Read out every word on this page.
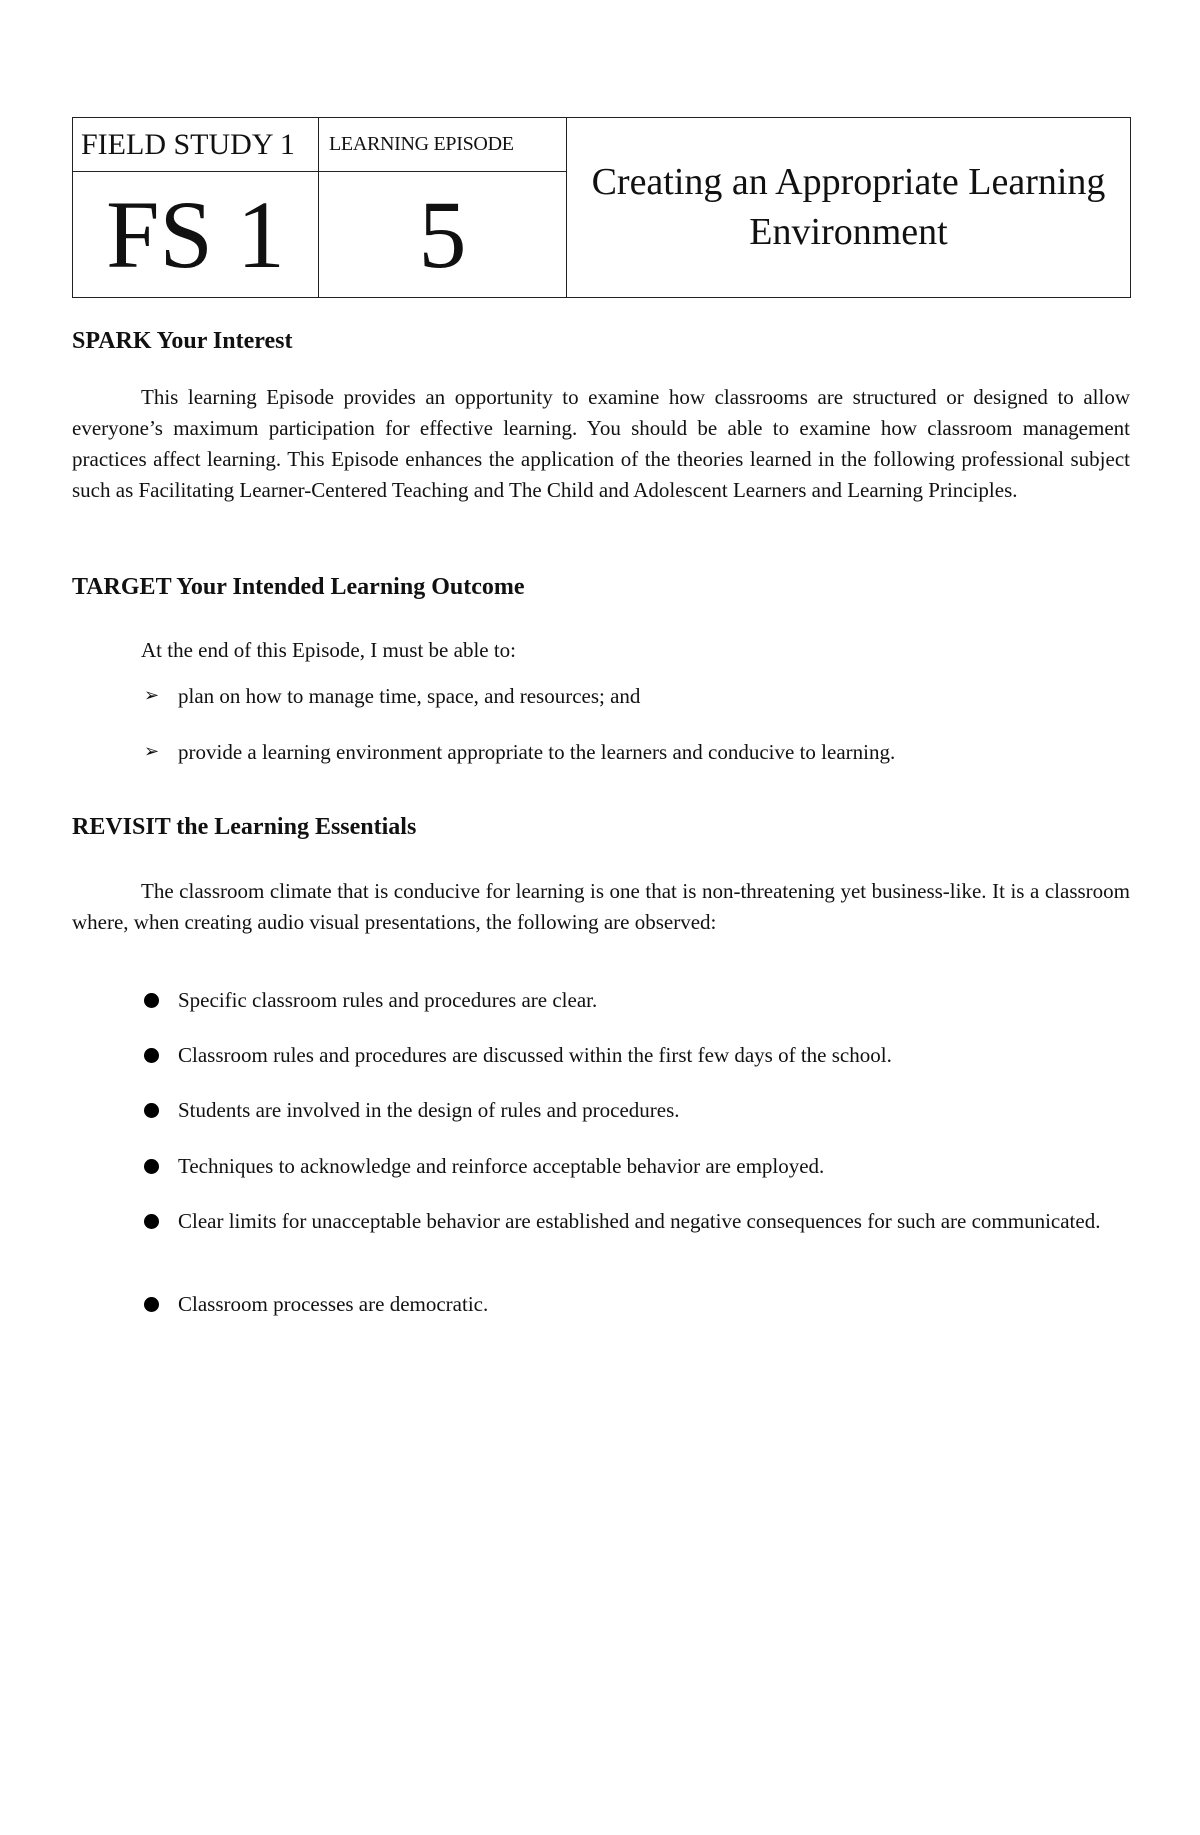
FIELD STUDY 1	LEARNING EPISODE	Creating an Appropriate Learning
Environment

FS 1	5	
SPARK Your Interest

This learning Episode provides an opportunity to examine how classrooms are structured or designed to allow everyone’s maximum participation for effective learning. You should be able to examine how classroom management practices affect learning. This Episode enhances the application of the theories learned in the following professional subject such as Facilitating Learner-Centered Teaching and The Child and Adolescent Learners and Learning Principles.

TARGET Your Intended Learning Outcome

At the end of this Episode, I must be able to:

➢ plan on how to manage time, space, and resources; and
➢ provide a learning environment appropriate to the learners and conducive to learning.
REVISIT the Learning Essentials

The classroom climate that is conducive for learning is one that is non-threatening yet business-like. It is a classroom where, when creating audio visual presentations, the following are observed:

Specific classroom rules and procedures are clear.
Classroom rules and procedures are discussed within the first few days of the school.
Students are involved in the design of rules and procedures.
Techniques to acknowledge and reinforce acceptable behavior are employed.
Clear limits for unacceptable behavior are established and negative consequences for such are communicated.
Classroom processes are democratic.
